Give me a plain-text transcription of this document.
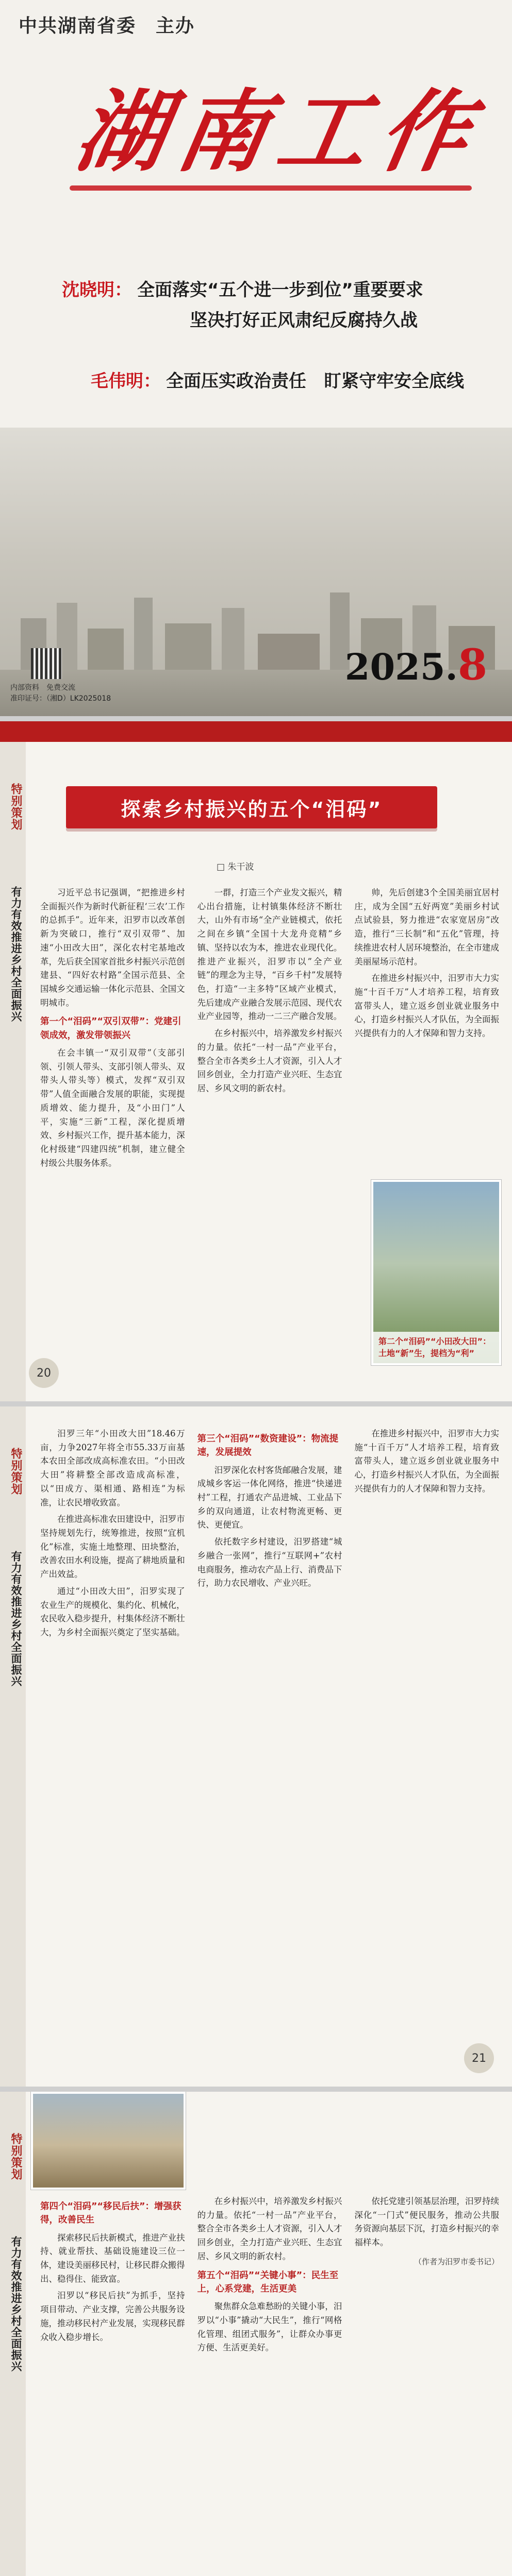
中共湖南省委　主办
湖
南
工
作
沈晓明： 全面落实“五个进一步到位”重要要求
坚决打好正风肃纪反腐持久战
毛伟明： 全面压实政治责任　盯紧守牢安全底线
2025.8
内部资料　免费交流
准印证号：（湘D）LK2025018
特别策划
有力有效推进乡村全面振兴
探索乡村振兴的五个“泪码”
□ 朱干波

习近平总书记强调，“把推进乡村全面振兴作为新时代新征程‘三农’工作的总抓手”。近年来，汨罗市以改革创新为突破口，推行“双引双带”、加速“小田改大田”，深化农村宅基地改革，先后获全国家首批乡村振兴示范创建县、“四好农村路”全国示范县、全国城乡交通运输一体化示范县、全国文明城市。

第一个“泪码”“双引双带”：党建引领成效，激发带领振兴

在会丰镇一“双引双带”（支部引领、引领人带头、支部引领人带头、双带头人带头等）模式，发挥“双引双带”人值全面融合发展的职能，实现提质增效、能力提升，及“小田门”人平，实施“三新”工程，深化提质增效、乡村振兴工作，提升基本能力，深化村级建“四建四统”机制，建立健全村级公共服务体系。

一群，打造三个产业发文振兴，精心出台措施，让村镇集体经济不断壮大，山外有市场“全产业链模式，依托之间在乡镇“全国十大龙舟竞精”乡镇、坚持以农为本，推进农业现代化。推进产业振兴，汨罗市以”全产业链”的理念为主导，“百乡千村”发展特色，打造“一主多特”区域产业模式，先后建成产业融合发展示范园、现代农业产业园等，推动一二三产融合发展。

在乡村振兴中，培养激发乡村振兴的力量。依托“一村一品”产业平台，整合全市各类乡土人才资源，引入人才回乡创业，全力打造产业兴旺、生态宜居、乡风文明的新农村。

帅，先后创建3个全国美丽宜居村庄，成为全国“五好两宽”美丽乡村试点试验县，努力推进“农家宽居房”改造，推行“三长制”和“五化”管理，持续推进农村人居环境整治，在全市建成美丽屋场示范村。

在推进乡村振兴中，汨罗市大力实施“十百千万”人才培养工程，培育致富带头人，建立返乡创业就业服务中心，打造乡村振兴人才队伍，为全面振兴提供有力的人才保障和智力支持。

第二个“泪码”“小田改大田”：土地“新”生，提档为“利”
20
特别策划
有力有效推进乡村全面振兴

汨罗三年“小田改大田”18.46万亩，力争2027年将全市55.33万亩基本农田全部改成高标准农田。“小田改大田”将耕整全部改造成高标准，以“田成方、渠相通、路相连”为标准，让农民增收致富。

在推进高标准农田建设中，汨罗市坚持规划先行，统筹推进，按照“宜机化”标准，实施土地整理、田块整治，改善农田水利设施，提高了耕地质量和产出效益。

通过“小田改大田”，汨罗实现了农业生产的规模化、集约化、机械化，农民收入稳步提升，村集体经济不断壮大，为乡村全面振兴奠定了坚实基础。

第三个“泪码”“数资建设”：物流提速，发展提效

汨罗深化农村客货邮融合发展，建成城乡客运一体化网络，推进“快递进村”工程，打通农产品进城、工业品下乡的双向通道，让农村物流更畅、更快、更便宜。

依托数字乡村建设，汨罗搭建“城乡融合一张网”，推行“互联网+”农村电商服务，推动农产品上行、消费品下行，助力农民增收、产业兴旺。

在推进乡村振兴中，汨罗市大力实施“十百千万”人才培养工程，培育致富带头人，建立返乡创业就业服务中心，打造乡村振兴人才队伍，为全面振兴提供有力的人才保障和智力支持。

21
特别策划
有力有效推进乡村全面振兴
第四个“泪码”“移民后扶”：增强获得，改善民生

探索移民后扶新模式，推进产业扶持、就业帮扶、基础设施建设三位一体，建设美丽移民村，让移民群众搬得出、稳得住、能致富。

汨罗以“移民后扶”为抓手，坚持项目带动、产业支撑，完善公共服务设施，推动移民村产业发展，实现移民群众收入稳步增长。

在乡村振兴中，培养激发乡村振兴的力量。依托“一村一品”产业平台，整合全市各类乡土人才资源，引入人才回乡创业，全力打造产业兴旺、生态宜居、乡风文明的新农村。

第五个“泪码”“关键小事”：民生至上，心系党建，生活更美

聚焦群众急难愁盼的关键小事，汨罗以“小事”撬动“大民生”，推行“网格化管理、组团式服务”，让群众办事更方便、生活更美好。

依托党建引领基层治理，汨罗持续深化“一门式”便民服务，推动公共服务资源向基层下沉，打造乡村振兴的幸福样本。

（作者为汨罗市委书记）
